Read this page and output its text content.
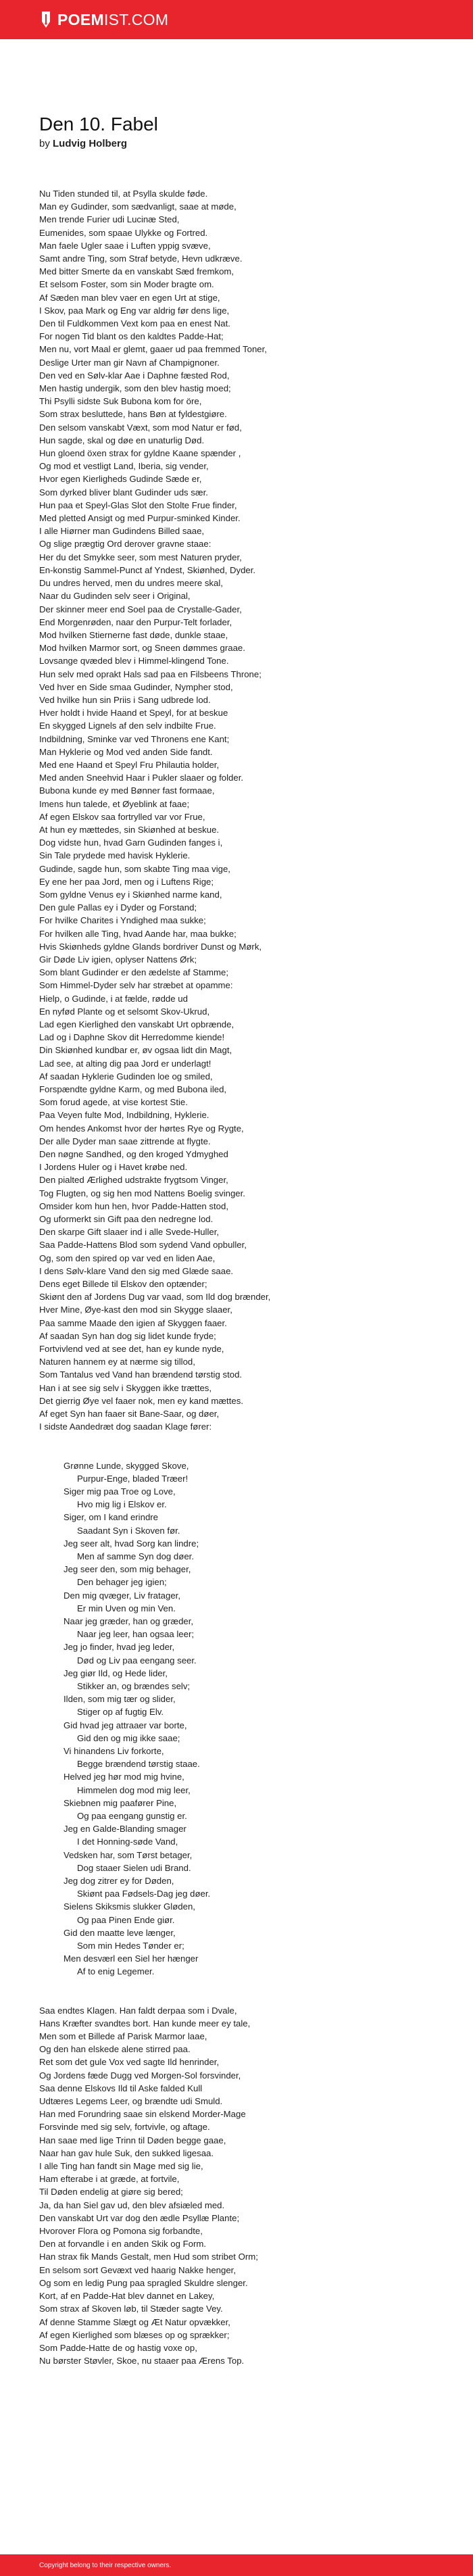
POEMIST.COM
Den 10. Fabel

by Ludvig Holberg

Nu Tiden stunded til, at Psylla skulde føde.
Man ey Gudinder, som sædvanligt, saae at møde,
Men trende Furier udi Lucinæ Sted,
Eumenides, som spaae Ulykke og Fortred.
Man faele Ugler saae i Luften yppig svæve,
Samt andre Ting, som Straf betyde, Hevn udkræve.
Med bitter Smerte da en vanskabt Sæd fremkom,
Et selsom Foster, som sin Moder bragte om.
Af Sæden man blev vaer en egen Urt at stige,
I Skov, paa Mark og Eng var aldrig før dens lige,
Den til Fuldkommen Vext kom paa en enest Nat.
For nogen Tid blant os den kaldtes Padde-Hat;
Men nu, vort Maal er glemt, gaaer ud paa fremmed Toner,
Deslige Urter man gir Navn af Champignoner.
Den ved en Sølv-klar Aae i Daphne fæsted Rod,
Men hastig undergik, som den blev hastig moed;
Thi Psylli sidste Suk Bubona kom for öre,
Som strax besluttede, hans Bøn at fyldestgiøre.
Den selsom vanskabt Væxt, som mod Natur er fød,
Hun sagde, skal og døe en unaturlig Død.
Hun gloend öxen strax for gyldne Kaane spænder ,
Og mod et vestligt Land, Iberia, sig vender,
Hvor egen Kierligheds Gudinde Sæde er,
Som dyrked bliver blant Gudinder uds sær.
Hun paa et Speyl-Glas Slot den Stolte Frue finder,
Med pletted Ansigt og med Purpur-sminked Kinder.
I alle Hiørner man Gudindens Billed saae,
Og slige prægtig Ord derover gravne staae:
Her du det Smykke seer, som mest Naturen pryder,
En-konstig Sammel-Punct af Yndest, Skiønhed, Dyder.
Du undres herved, men du undres meere skal,
Naar du Gudinden selv seer i Original,
Der skinner meer end Soel paa de Crystalle-Gader,
End Morgenrøden, naar den Purpur-Telt forlader,
Mod hvilken Stiernerne fast døde, dunkle staae,
Mod hvilken Marmor sort, og Sneen dømmes graae.
Lovsange qvæded blev i Himmel-klingend Tone.
Hun selv med oprakt Hals sad paa en Filsbeens Throne;
Ved hver en Side smaa Gudinder, Nympher stod,
Ved hvilke hun sin Priis i Sang udbrede lod.
Hver holdt i hvide Haand et Speyl, for at beskue
En skygged Lignels af den selv indbilte Frue.
Indbildning, Sminke var ved Thronens ene Kant;
Man Hyklerie og Mod ved anden Side fandt.
Med ene Haand et Speyl Fru Philautia holder,
Med anden Sneehvid Haar i Pukler slaaer og folder.
Bubona kunde ey med Bønner fast formaae,
Imens hun talede, et Øyeblink at faae;
Af egen Elskov saa fortrylled var vor Frue,
At hun ey mættedes, sin Skiønhed at beskue.
Dog vidste hun, hvad Garn Gudinden fanges i,
Sin Tale prydede med havisk Hyklerie.
Gudinde, sagde hun, som skabte Ting maa vige,
Ey ene her paa Jord, men og i Luftens Rige;
Som gyldne Venus ey i Skiønhed narme kand,
Den gule Pallas ey i Dyder og Forstand;
For hvilke Charites i Yndighed maa sukke;
For hvilken alle Ting, hvad Aande har, maa bukke;
Hvis Skiønheds gyldne Glands bordriver Dunst og Mørk,
Gir Døde Liv igien, oplyser Nattens Ørk;
Som blant Gudinder er den ædelste af Stamme;
Som Himmel-Dyder selv har stræbet at opamme:
Hielp, o Gudinde, i at fælde, rødde ud
En nyfød Plante og et selsomt Skov-Ukrud,
Lad egen Kierlighed den vanskabt Urt opbrænde,
Lad og i Daphne Skov dit Herredomme kiende!
Din Skiønhed kundbar er, øv ogsaa lidt din Magt,
Lad see, at alting dig paa Jord er underlagt!
Af saadan Hyklerie Gudinden loe og smiled,
Forspændte gyldne Karm, og med Bubona iled,
Som forud agede, at vise kortest Stie.
Paa Veyen fulte Mod, Indbildning, Hyklerie.
Om hendes Ankomst hvor der hørtes Rye og Rygte,
Der alle Dyder man saae zittrende at flygte.
Den nøgne Sandhed, og den kroged Ydmyghed
I Jordens Huler og i Havet krøbe ned.
Den pialted Ærlighed udstrakte frygtsom Vinger,
Tog Flugten, og sig hen mod Nattens Boelig svinger.
Omsider kom hun hen, hvor Padde-Hatten stod,
Og uformerkt sin Gift paa den nedregne lod.
Den skarpe Gift slaaer ind i alle Svede-Huller,
Saa Padde-Hattens Blod som sydend Vand opbuller,
Og, som den spired op var ved en liden Aae,
I dens Sølv-klare Vand den sig med Glæde saae.
Dens eget Billede til Elskov den optænder;
Skiønt den af Jordens Dug var vaad, som Ild dog brænder,
Hver Mine, Øye-kast den mod sin Skygge slaaer,
Paa samme Maade den igien af Skyggen faaer.
Af saadan Syn han dog sig lidet kunde fryde;
Fortvivlend ved at see det, han ey kunde nyde,
Naturen hannem ey at nærme sig tillod,
Som Tantalus ved Vand han brændend tørstig stod.
Han i at see sig selv i Skyggen ikke trættes,
Det gierrig Øye vel faaer nok, men ey kand mættes.
Af eget Syn han faaer sit Bane-Saar, og døer,
I sidste Aandedræt dog saadan Klage fører:
Grønne Lunde, skygged Skove,
Purpur-Enge, bladed Træer!
Siger mig paa Troe og Love,
Hvo mig lig i Elskov er.
Siger, om I kand erindre
Saadant Syn i Skoven før.
Jeg seer alt, hvad Sorg kan lindre;
Men af samme Syn dog døer.
Jeg seer den, som mig behager,
Den behager jeg igien;
Den mig qvæger, Liv fratager,
Er min Uven og min Ven.
Naar jeg græder, han og græder,
Naar jeg leer, han ogsaa leer;
Jeg jo finder, hvad jeg leder,
Død og Liv paa eengang seer.
Jeg giør Ild, og Hede lider,
Stikker an, og brændes selv;
Ilden, som mig tær og slider,
Stiger op af fugtig Elv.
Gid hvad jeg attraaer var borte,
Gid den og mig ikke saae;
Vi hinandens Liv forkorte,
Begge brændend tørstig staae.
Helved jeg hør mod mig hvine,
Himmelen dog mod mig leer,
Skiebnen mig paafører Pine,
Og paa eengang gunstig er.
Jeg en Galde-Blanding smager
I det Honning-søde Vand,
Vedsken har, som Tørst betager,
Dog staaer Sielen udi Brand.
Jeg dog zitrer ey for Døden,
Skiønt paa Fødsels-Dag jeg døer.
Sielens Skiksmis slukker Gløden,
Og paa Pinen Ende giør.
Gid den maatte leve længer,
Som min Hedes Tønder er;
Men desværl een Siel her hænger
Af to enig Legemer.
Saa endtes Klagen. Han faldt derpaa som i Dvale,
Hans Kræfter svandtes bort. Han kunde meer ey tale,
Men som et Billede af Parisk Marmor laae,
Og den han elskede alene stirred paa.
Ret som det gule Vox ved sagte Ild henrinder,
Og Jordens fæde Dugg ved Morgen-Sol forsvinder,
Saa denne Elskovs Ild til Aske falded Kull
Udtæres Legems Leer, og brændte udi Smuld.
Han med Forundring saae sin elskend Morder-Mage
Forsvinde med sig selv, fortvivle, og aftage.
Han saae med lige Trinn til Døden begge gaae,
Naar han gav hule Suk, den sukked ligesaa.
I alle Ting han fandt sin Mage med sig lie,
Ham efterabe i at græde, at fortvile,
Til Døden endelig at giøre sig bered;
Ja, da han Siel gav ud, den blev afsiæled med.
Den vanskabt Urt var dog den ædle Psyllæ Plante;
Hvorover Flora og Pomona sig forbandte,
Den at forvandle i en anden Skik og Form.
Han strax fik Mands Gestalt, men Hud som stribet Orm;
En selsom sort Gevæxt ved haarig Nakke henger,
Og som en ledig Pung paa spragled Skuldre slenger.
Kort, af en Padde-Hat blev dannet en Lakey,
Som strax af Skoven løb, til Stæder sagte Vey.
Af denne Stamme Slægt og Æt Natur opvækker,
Af egen Kierlighed som blæses op og sprækker;
Som Padde-Hatte de og hastig voxe op,
Nu børster Støvler, Skoe, nu staaer paa Ærens Top.
Copyright belong to their respective owners.
